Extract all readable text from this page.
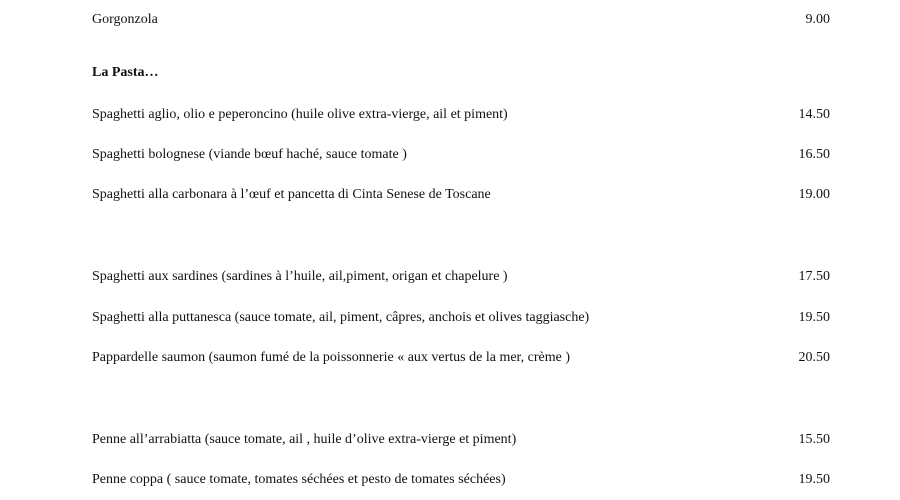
Gorgonzola	9.00
La Pasta…
Spaghetti aglio, olio e peperoncino (huile olive extra-vierge, ail et piment)	14.50
Spaghetti bolognese (viande bœuf haché, sauce tomate )	16.50
Spaghetti alla carbonara à l’œuf et pancetta di Cinta Senese de Toscane	19.00
Spaghetti aux sardines (sardines à l’huile, ail,piment, origan et chapelure )	17.50
Spaghetti alla puttanesca (sauce tomate, ail, piment, câpres, anchois et olives taggiasche)	19.50
Pappardelle saumon (saumon fumé de la poissonnerie « aux vertus de la mer, crème )	20.50
Penne all’arrabiatta (sauce tomate, ail , huile d’olive extra-vierge et piment)	15.50
Penne coppa ( sauce tomate, tomates séchées et pesto de tomates séchées)	19.50
